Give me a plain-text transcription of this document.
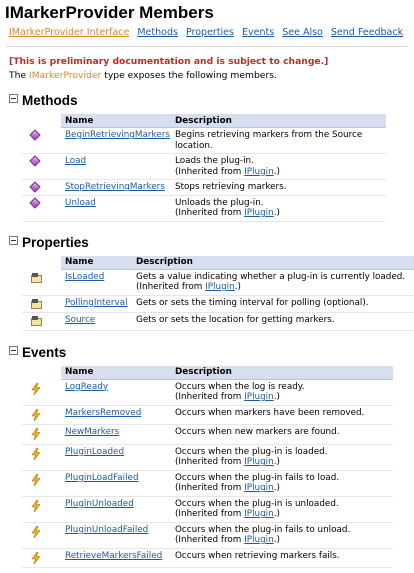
IMarkerProvider Members
IMarkerProvider Interface Methods Properties Events See Also Send Feedback
[This is preliminary documentation and is subject to change.]
The IMarkerProvider type exposes the following members.
Methods
	Name	Description
	BeginRetrievingMarkers	Begins retrieving markers from the Source location.
	Load	Loads the plug-in.
(Inherited from IPlugin.)
	StopRetrievingMarkers	Stops retrieving markers.
	Unload	Unloads the plug-in.
(Inherited from IPlugin.)
Properties
	Name	Description

	IsLoaded	Gets a value indicating whether a plug-in is currently loaded.
(Inherited from IPlugin.)

	PollingInterval	Gets or sets the timing interval for polling (optional).

	Source	Gets or sets the location for getting markers.
Events
	Name	Description
	LogReady	Occurs when the log is ready.
(Inherited from IPlugin.)
	MarkersRemoved	Occurs when markers have been removed.
	NewMarkers	Occurs when new markers are found.
	PluginLoaded	Occurs when the plug-in is loaded.
(Inherited from IPlugin.)
	PluginLoadFailed	Occurs when the plug-in fails to load.
(Inherited from IPlugin.)
	PluginUnloaded	Occurs when the plug-in is unloaded.
(Inherited from IPlugin.)
	PluginUnloadFailed	Occurs when the plug-in fails to unload.
(Inherited from IPlugin.)
	RetrieveMarkersFailed	Occurs when retrieving markers fails.
